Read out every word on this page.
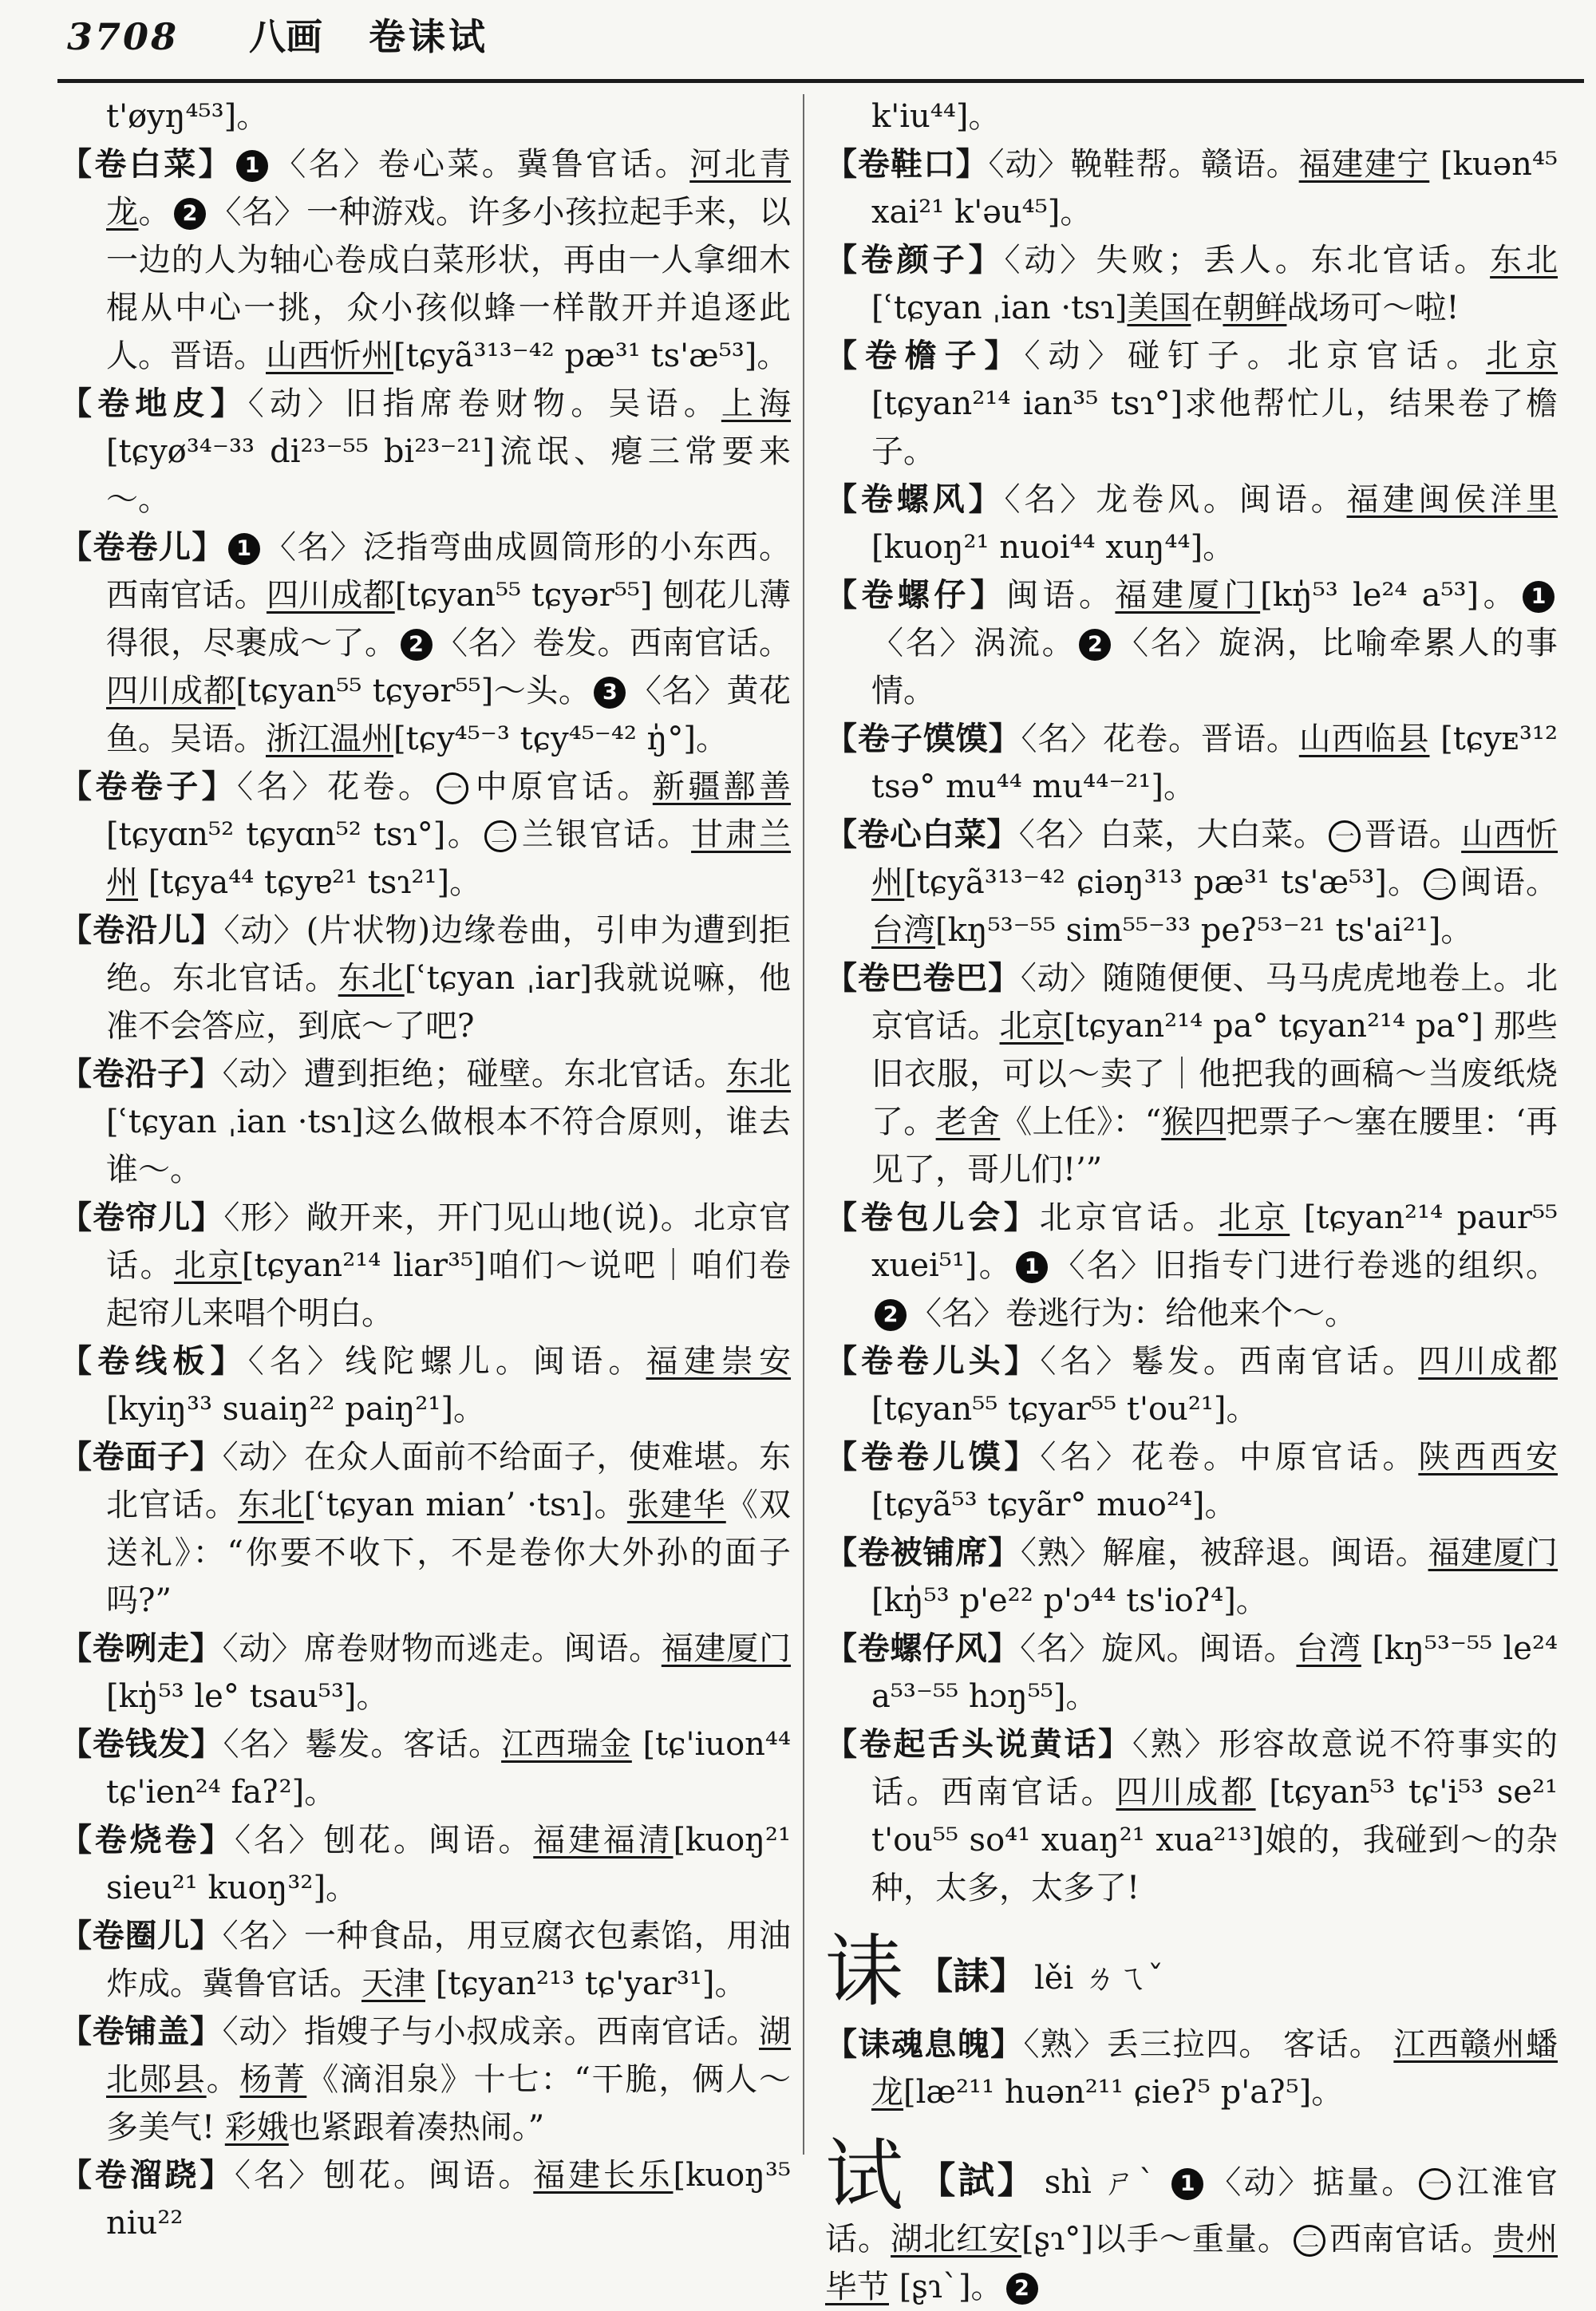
3708 八画 卷诔试

t'øyŋ⁴⁵³]。

【卷白菜】 1 〈名〉卷心菜。冀鲁官话。河北青龙。 2 〈名〉一种游戏。许多小孩拉起手来，以一边的人为轴心卷成白菜形状，再由一人拿细木棍从中心一挑，众小孩似蜂一样散开并追逐此人。晋语。山西忻州[tɕyã³¹³⁻⁴² pæ³¹ ts'æ⁵³]。

【卷地皮】〈动〉旧指席卷财物。吴语。上海[tɕyø³⁴⁻³³ di²³⁻⁵⁵ bi²³⁻²¹]流氓、瘪三常要来～。

【卷卷儿】 1 〈名〉泛指弯曲成圆筒形的小东西。西南官话。四川成都[tɕyan⁵⁵ tɕyər⁵⁵] 刨花儿薄得很，尽裹成～了。 2 〈名〉卷发。西南官话。四川成都[tɕyan⁵⁵ tɕyər⁵⁵]～头。 3 〈名〉黄花鱼。吴语。浙江温州[tɕy⁴⁵⁻³ tɕy⁴⁵⁻⁴² ŋ̍°]。

【卷卷子】〈名〉花卷。 一 中原官话。新疆鄯善[tɕyɑn⁵² tɕyɑn⁵² tsɿ°]。 二 兰银官话。甘肃兰州 [tɕya⁴⁴ tɕyɐ²¹ tsɿ²¹]。

【卷沿儿】〈动〉(片状物)边缘卷曲，引申为遭到拒绝。东北官话。东北[ʿtɕyan ˌiar]我就说嘛，他准不会答应，到底～了吧?

【卷沿子】〈动〉遭到拒绝；碰壁。东北官话。东北[ʿtɕyan ˌian ·tsɿ]这么做根本不符合原则，谁去谁～。

【卷帘儿】〈形〉敞开来，开门见山地(说)。北京官话。北京[tɕyan²¹⁴ liar³⁵]咱们～说吧｜咱们卷起帘儿来唱个明白。

【卷线板】〈名〉线陀螺儿。闽语。福建崇安 [kyiŋ³³ suaiŋ²² paiŋ²¹]。

【卷面子】〈动〉在众人面前不给面子，使难堪。东北官话。东北[ʿtɕyan mian’ ·tsɿ]。张建华《双送礼》：“你要不收下，不是卷你大外孙的面子吗?”

【卷咧走】〈动〉席卷财物而逃走。闽语。福建厦门[kŋ̍⁵³ le° tsau⁵³]。

【卷钱发】〈名〉鬈发。客话。江西瑞金 [tɕ'iuon⁴⁴ tɕ'ien²⁴ faʔ²]。

【卷烧卷】〈名〉刨花。闽语。福建福清[kuoŋ²¹ sieu²¹ kuoŋ³²]。

【卷圈儿】〈名〉一种食品，用豆腐衣包素馅，用油炸成。冀鲁官话。天津 [tɕyan²¹³ tɕ'yar³¹]。

【卷铺盖】〈动〉指嫂子与小叔成亲。西南官话。湖北郧县。杨菁《滴泪泉》十七：“干脆，俩人～多美气! 彩娥也紧跟着凑热闹。”

【卷溜跷】〈名〉刨花。闽语。福建长乐[kuoŋ³⁵ niu²²

k'iu⁴⁴]。

【卷鞋口】〈动〉鞔鞋帮。赣语。福建建宁 [kuən⁴⁵ xai²¹ k'əu⁴⁵]。

【卷颜子】〈动〉失败；丢人。东北官话。东北[ʿtɕyan ˌian ·tsɿ]美国在朝鲜战场可～啦!

【卷檐子】〈动〉碰钉子。北京官话。北京 [tɕyan²¹⁴ ian³⁵ tsɿ°]求他帮忙儿，结果卷了檐子。

【卷螺风】〈名〉龙卷风。闽语。福建闽侯洋里[kuoŋ²¹ nuoi⁴⁴ xuŋ⁴⁴]。

【卷螺仔】闽语。福建厦门[kŋ̍⁵³ le²⁴ a⁵³]。 1〈名〉涡流。 2 〈名〉旋涡，比喻牵累人的事情。

【卷子馍馍】〈名〉花卷。晋语。山西临县 [tɕyᴇ³¹² tsə° mu⁴⁴ mu⁴⁴⁻²¹]。

【卷心白菜】〈名〉白菜，大白菜。 一 晋语。山西忻州[tɕyã³¹³⁻⁴² ɕiəŋ³¹³ pæ³¹ ts'æ⁵³]。 二 闽语。台湾[kŋ⁵³⁻⁵⁵ sim⁵⁵⁻³³ peʔ⁵³⁻²¹ ts'ai²¹]。

【卷巴卷巴】〈动〉随随便便、马马虎虎地卷上。北京官话。北京[tɕyan²¹⁴ pa° tɕyan²¹⁴ pa°] 那些旧衣服，可以～卖了｜他把我的画稿～当废纸烧了。老舍《上任》：“猴四把票子～塞在腰里：‘再见了，哥儿们!’”

【卷包儿会】北京官话。北京 [tɕyan²¹⁴ paur⁵⁵ xuei⁵¹]。 1 〈名〉旧指专门进行卷逃的组织。2 〈名〉卷逃行为：给他来个～。

【卷卷儿头】〈名〉鬈发。西南官话。四川成都[tɕyan⁵⁵ tɕyar⁵⁵ t'ou²¹]。

【卷卷儿馍】〈名〉花卷。中原官话。陕西西安[tɕyã⁵³ tɕyãr° muo²⁴]。

【卷被铺席】〈熟〉解雇，被辞退。闽语。福建厦门[kŋ̍⁵³ p'e²² p'ɔ⁴⁴ ts'ioʔ⁴]。

【卷螺仔风】〈名〉旋风。闽语。台湾 [kŋ⁵³⁻⁵⁵ le²⁴ a⁵³⁻⁵⁵ hɔŋ⁵⁵]。

【卷起舌头说黄话】〈熟〉形容故意说不符事实的话。西南官话。四川成都 [tɕyan⁵³ tɕ'i⁵³ se²¹ t'ou⁵⁵ so⁴¹ xuaŋ²¹ xua²¹³]娘的，我碰到～的杂种，太多，太多了!

诔 【誄】 lěi ㄌㄟˇ

【诔魂息魄】〈熟〉丢三拉四。 客话。 江西赣州蟠龙[læ²¹¹ huən²¹¹ ɕieʔ⁵ p'aʔ⁵]。

试 【試】 shì ㄕˋ 1 〈动〉掂量。 一 江淮官话。湖北红安[ʂɿ°]以手～重量。 二 西南官话。贵州毕节 [ʂɿˋ]。 2
